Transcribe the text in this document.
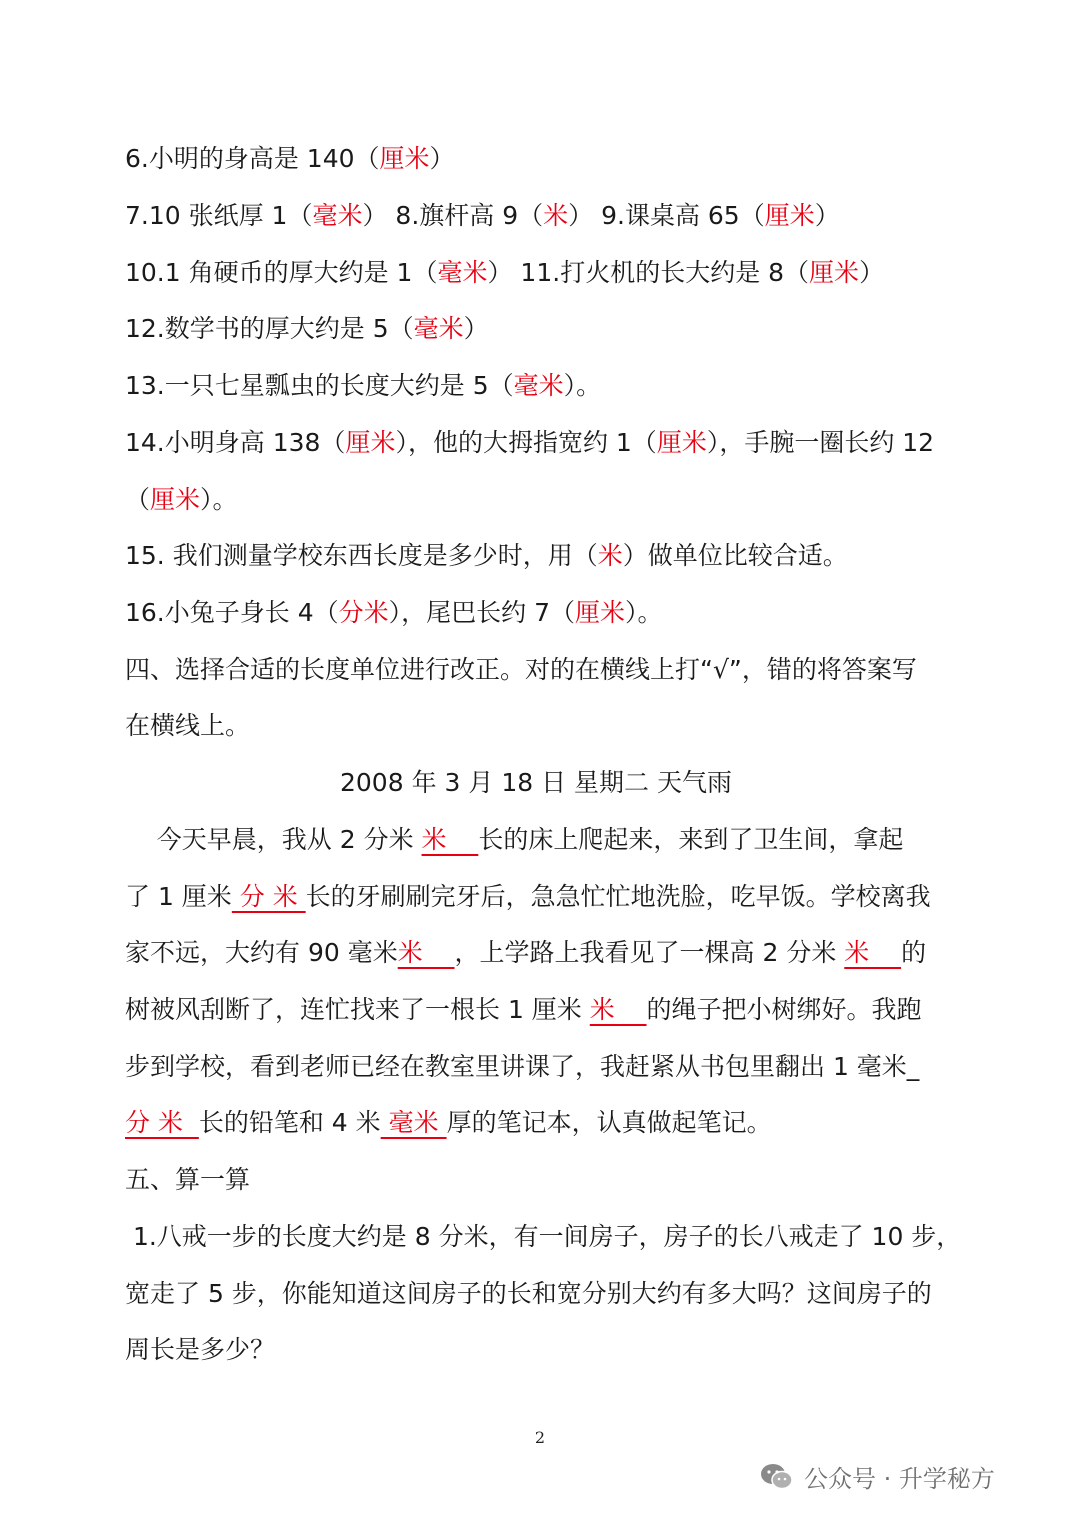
6.小明的身高是 140（厘米）
7.10 张纸厚 1（毫米） 8.旗杆高 9（米） 9.课桌高 65（厘米）
10.1 角硬币的厚大约是 1（毫米） 11.打火机的长大约是 8（厘米）
12.数学书的厚大约是 5（毫米）
13.一只七星瓢虫的长度大约是 5（毫米）。
14.小明身高 138（厘米），他的大拇指宽约 1（厘米），手腕一圈长约 12
（厘米）。
15. 我们测量学校东西长度是多少时，用（米）做单位比较合适。
16.小兔子身长 4（分米），尾巴长约 7（厘米）。
四、选择合适的长度单位进行改正。对的在横线上打“√”，错的将答案写
在横线上。
2008 年 3 月 18 日 星期二 天气雨
今天早晨，我从 2 分米 米    长的床上爬起来，来到了卫生间，拿起
了 1 厘米 分 米 长的牙刷刷完牙后，急急忙忙地洗脸，吃早饭。学校离我
家不远，大约有 90 毫米米    ，上学路上我看见了一棵高 2 分米 米    的
树被风刮断了，连忙找来了一根长 1 厘米 米    的绳子把小树绑好。我跑
步到学校，看到老师已经在教室里讲课了，我赶紧从书包里翻出 1 毫米_
分 米  长的铅笔和 4 米 毫米 厚的笔记本，认真做起笔记。
五、算一算
1.八戒一步的长度大约是 8 分米，有一间房子，房子的长八戒走了 10 步，
宽走了 5 步，你能知道这间房子的长和宽分别大约有多大吗？这间房子的
周长是多少？
2
公众号 · 升学秘方
